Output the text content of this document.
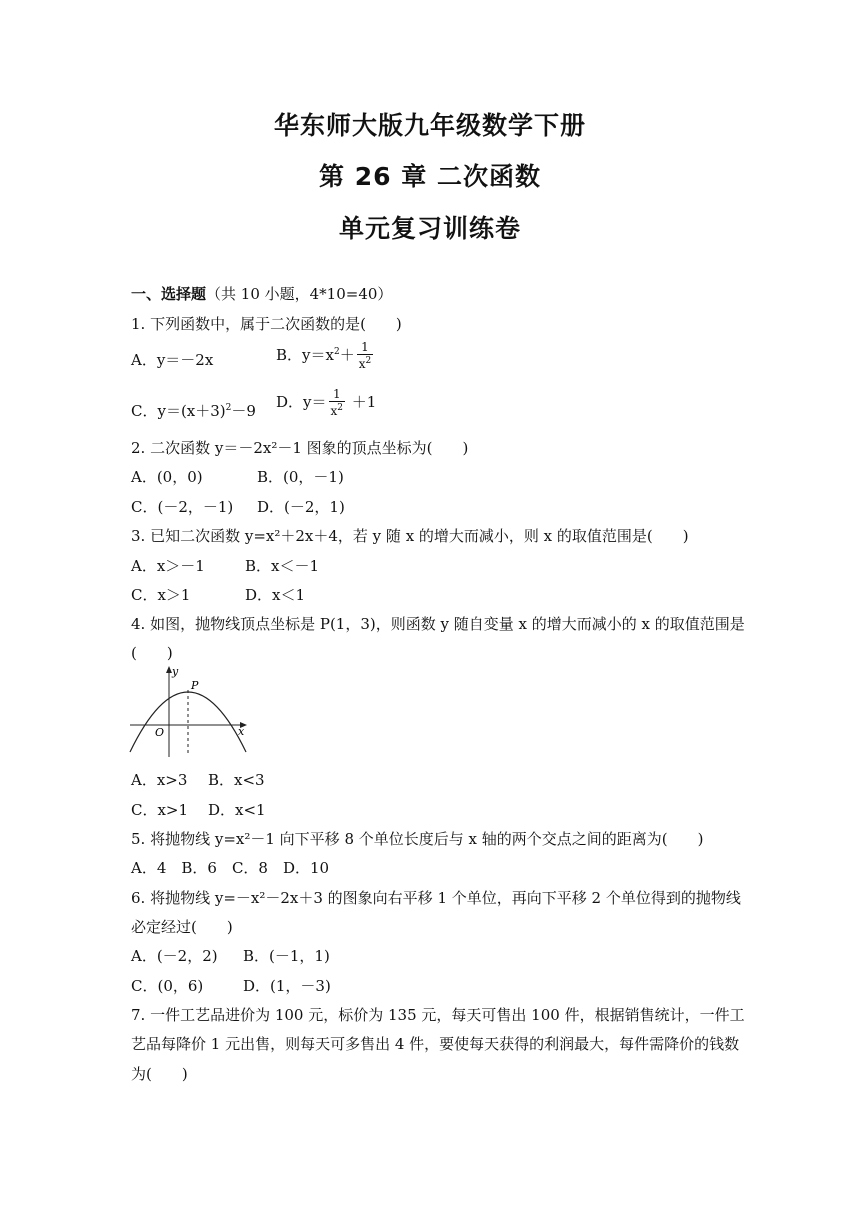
华东师大版九年级数学下册
第 26 章 二次函数
单元复习训练卷
一、选择题（共 10 小题，4*10=40）
1. 下列函数中，属于二次函数的是(　　)
A．y＝－2x	B．$y=x^2+ \frac{1}{x^2}$
C．$y=(x+3)^2-9$ D．$y= \frac{1}{x^2} +1$
2. 二次函数 y＝－2x²－1 图象的顶点坐标为(　　)
A．(0，0)	B．(0，－1)
C．(－2，－1) D．(－2，1)
3. 已知二次函数 y=x²＋2x＋4，若 y 随 x 的增大而减小，则 x 的取值范围是(　　)
A．x＞－1	B．x＜－1
C．x＞1	D．x＜1
4. 如图，抛物线顶点坐标是 P(1，3)，则函数 y 随自变量 x 的增大而减小的 x 的取值范围是
(　　)
y
P
O	x
A．x>3 B．x<3
C．x>1 D．x<1
5. 将抛物线 y=x²－1 向下平移 8 个单位长度后与 x 轴的两个交点之间的距离为(　　)
A．4　B．6　C．8　D．10
6. 将抛物线 y=－x²－2x＋3 的图象向右平移 1 个单位，再向下平移 2 个单位得到的抛物线
必定经过(　　)
A．(－2，2) B．(－1，1)
C．(0，6)	D．(1，－3)
7. 一件工艺品进价为 100 元，标价为 135 元，每天可售出 100 件，根据销售统计，一件工
艺品每降价 1 元出售，则每天可多售出 4 件，要使每天获得的利润最大，每件需降价的钱数
为(　　)
